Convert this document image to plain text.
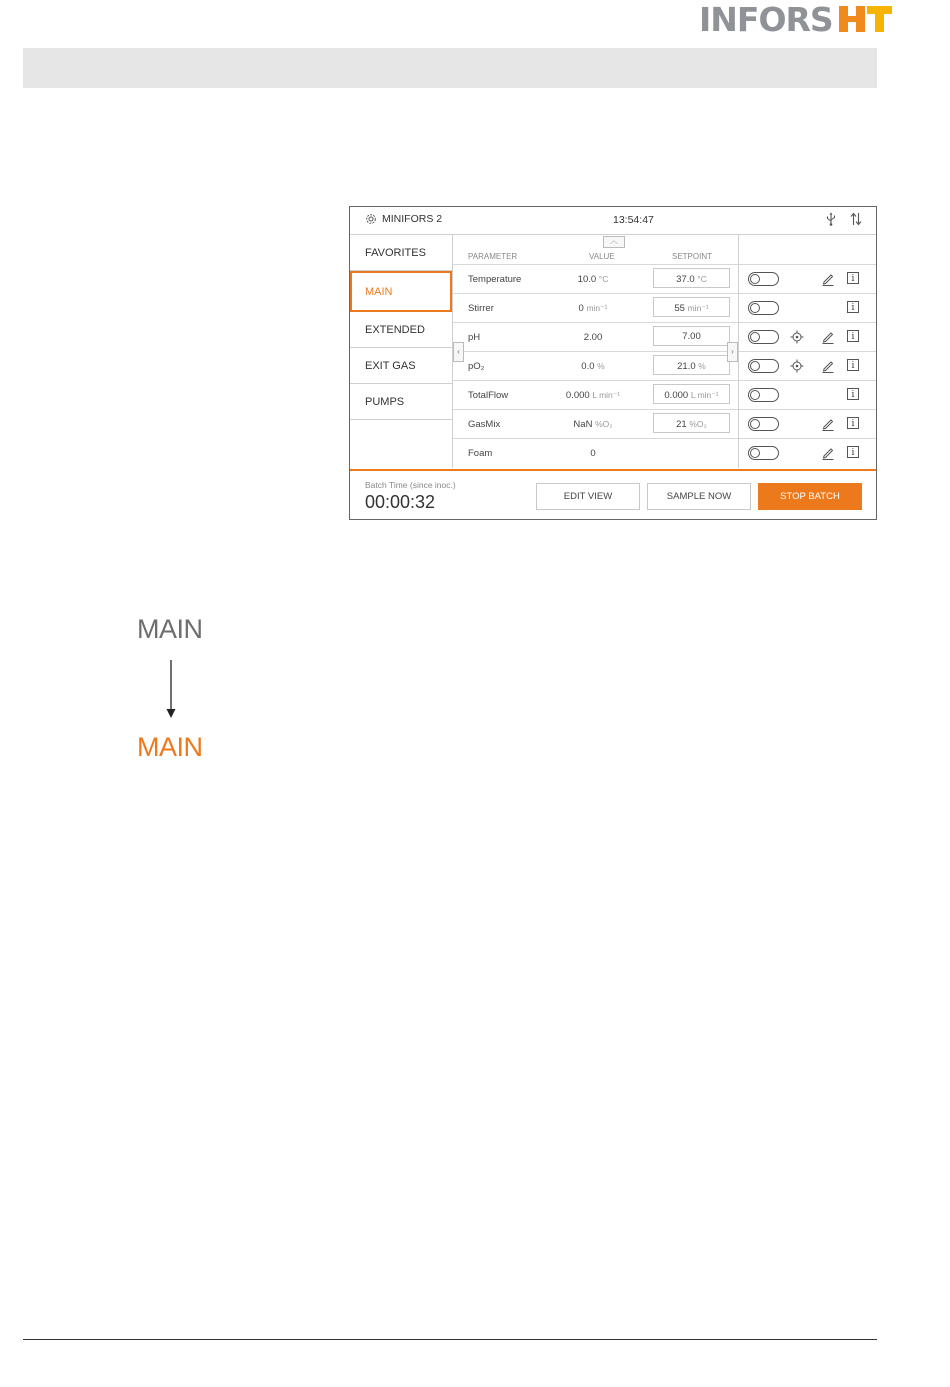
INFORS
MINIFORS 2	13:54:47
FAVORITES
MAIN
EXTENDED
EXIT GAS
PUMPS
︿
PARAMETER	VALUE	SETPOINT
Temperature	10.0 °C	37.0 °C
Stirrer	0 min⁻¹	55 min⁻¹
pH	2.00	7.00
pO₂	0.0 %	21.0 %
TotalFlow	0.000 L min⁻¹	0.000 L min⁻¹
GasMix	NaN %O₂	21 %O₂
Foam	0
‹	›
i
i
i
i
i
i
i
Batch Time (since inoc.)
00:00:32	EDIT VIEW	SAMPLE NOW	STOP BATCH
MAIN
MAIN
